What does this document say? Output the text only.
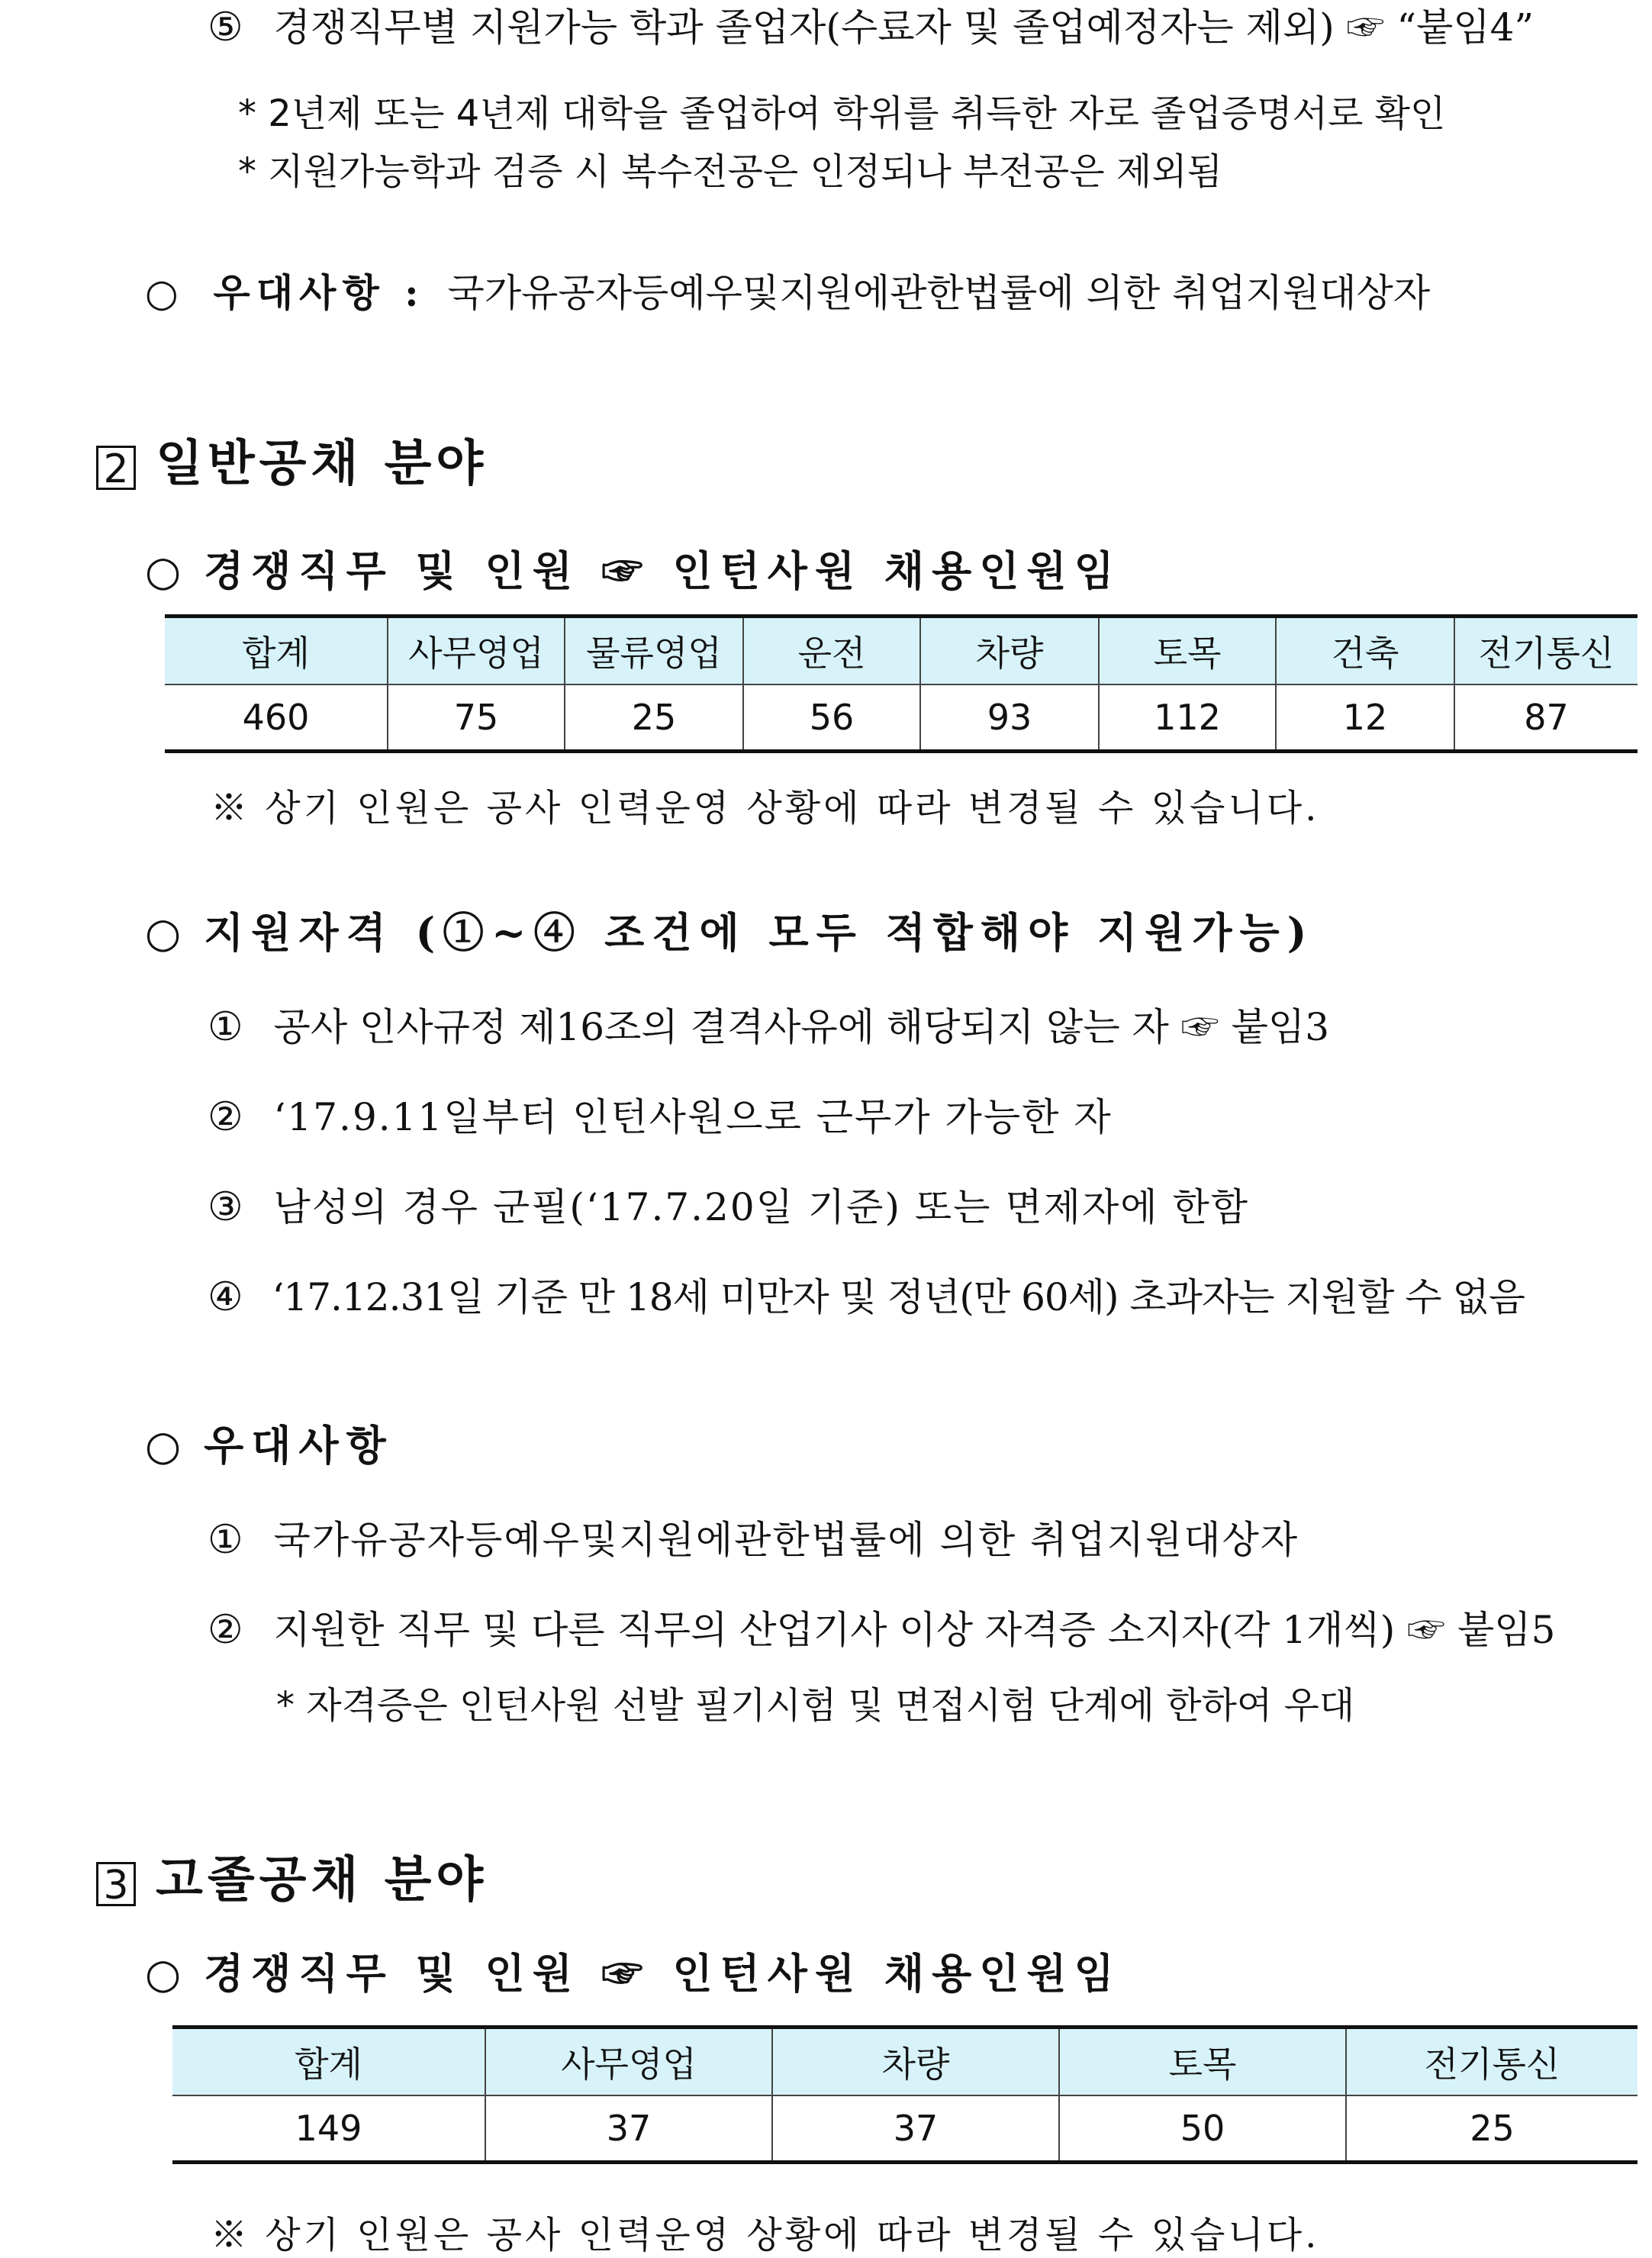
⑤ 경쟁직무별 지원가능 학과 졸업자(수료자 및 졸업예정자는 제외) ☞ “붙임4”
* 2년제 또는 4년제 대학을 졸업하여 학위를 취득한 자로 졸업증명서로 확인
* 지원가능학과 검증 시 복수전공은 인정되나 부전공은 제외됨
○ 우대사항 : 국가유공자등예우및지원에관한법률에 의한 취업지원대상자
2 일반공채 분야
○ 경쟁직무 및 인원 ☞ 인턴사원 채용인원임
합계	사무영업	물류영업	운전	차량	토목	건축	전기통신
460	75	25	56	93	112	12	87
※ 상기 인원은 공사 인력운영 상황에 따라 변경될 수 있습니다.
○ 지원자격 (①~④ 조건에 모두 적합해야 지원가능)
① 공사 인사규정 제16조의 결격사유에 해당되지 않는 자 ☞ 붙임3
② ‘17.9.11일부터 인턴사원으로 근무가 가능한 자
③ 남성의 경우 군필(‘17.7.20일 기준) 또는 면제자에 한함
④ ‘17.12.31일 기준 만 18세 미만자 및 정년(만 60세) 초과자는 지원할 수 없음
○ 우대사항
① 국가유공자등예우및지원에관한법률에 의한 취업지원대상자
② 지원한 직무 및 다른 직무의 산업기사 이상 자격증 소지자(각 1개씩) ☞ 붙임5
* 자격증은 인턴사원 선발 필기시험 및 면접시험 단계에 한하여 우대
3 고졸공채 분야
○ 경쟁직무 및 인원 ☞ 인턴사원 채용인원임
합계	사무영업	차량	토목	전기통신
149	37	37	50	25
※ 상기 인원은 공사 인력운영 상황에 따라 변경될 수 있습니다.
